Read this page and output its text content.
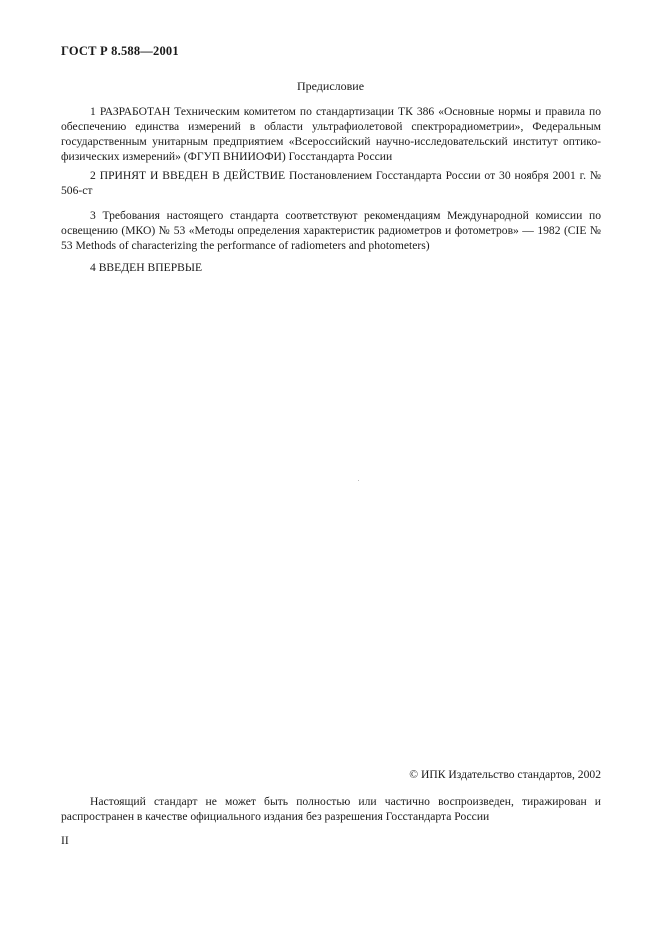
ГОСТ Р 8.588—2001
Предисловие

1 РАЗРАБОТАН Техническим комитетом по стандартизации ТК 386 «Основные нормы и правила по обеспечению единства измерений в области ультрафиолетовой спектрорадиометрии», Федеральным государственным унитарным предприятием «Всероссийский научно-исследовательский институт оптико-физических измерений» (ФГУП ВНИИОФИ) Госстандарта России

2 ПРИНЯТ И ВВЕДЕН В ДЕЙСТВИЕ Постановлением Госстандарта России от 30 ноября 2001 г. № 506-ст

3 Требования настоящего стандарта соответствуют рекомендациям Международной комиссии по освещению (МКО) № 53 «Методы определения характеристик радиометров и фотометров» — 1982 (CIE № 53 Methods of characterizing the performance of radiometers and photometers)

4 ВВЕДЕН ВПЕРВЫЕ

© ИПК Издательство стандартов, 2002

Настоящий стандарт не может быть полностью или частично воспроизведен, тиражирован и распространен в качестве официального издания без разрешения Госстандарта России

II
